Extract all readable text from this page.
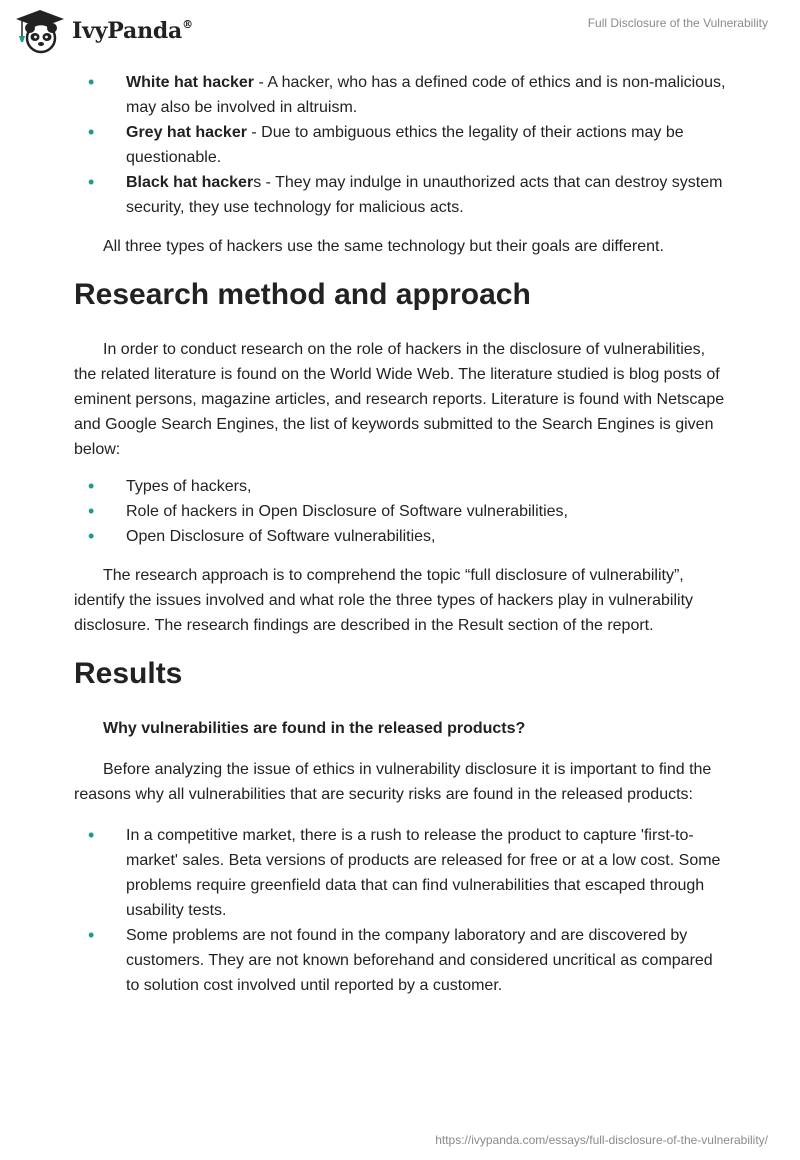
IvyPanda®	Full Disclosure of the Vulnerability
• White hat hacker - A hacker, who has a defined code of ethics and is non-malicious, may also be involved in altruism.
• Grey hat hacker - Due to ambiguous ethics the legality of their actions may be questionable.
• Black hat hackers - They may indulge in unauthorized acts that can destroy system security, they use technology for malicious acts.

All three types of hackers use the same technology but their goals are different.

Research method and approach

In order to conduct research on the role of hackers in the disclosure of vulnerabilities, the related literature is found on the World Wide Web. The literature studied is blog posts of eminent persons, magazine articles, and research reports. Literature is found with Netscape and Google Search Engines, the list of keywords submitted to the Search Engines is given below:

• Types of hackers,
• Role of hackers in Open Disclosure of Software vulnerabilities,
• Open Disclosure of Software vulnerabilities,

The research approach is to comprehend the topic “full disclosure of vulnerability”, identify the issues involved and what role the three types of hackers play in vulnerability disclosure. The research findings are described in the Result section of the report.

Results
Why vulnerabilities are found in the released products?

Before analyzing the issue of ethics in vulnerability disclosure it is important to find the reasons why all vulnerabilities that are security risks are found in the released products:

• In a competitive market, there is a rush to release the product to capture 'first-to-market' sales. Beta versions of products are released for free or at a low cost. Some problems require greenfield data that can find vulnerabilities that escaped through usability tests.
• Some problems are not found in the company laboratory and are discovered by customers. They are not known beforehand and considered uncritical as compared to solution cost involved until reported by a customer.
https://ivypanda.com/essays/full-disclosure-of-the-vulnerability/
